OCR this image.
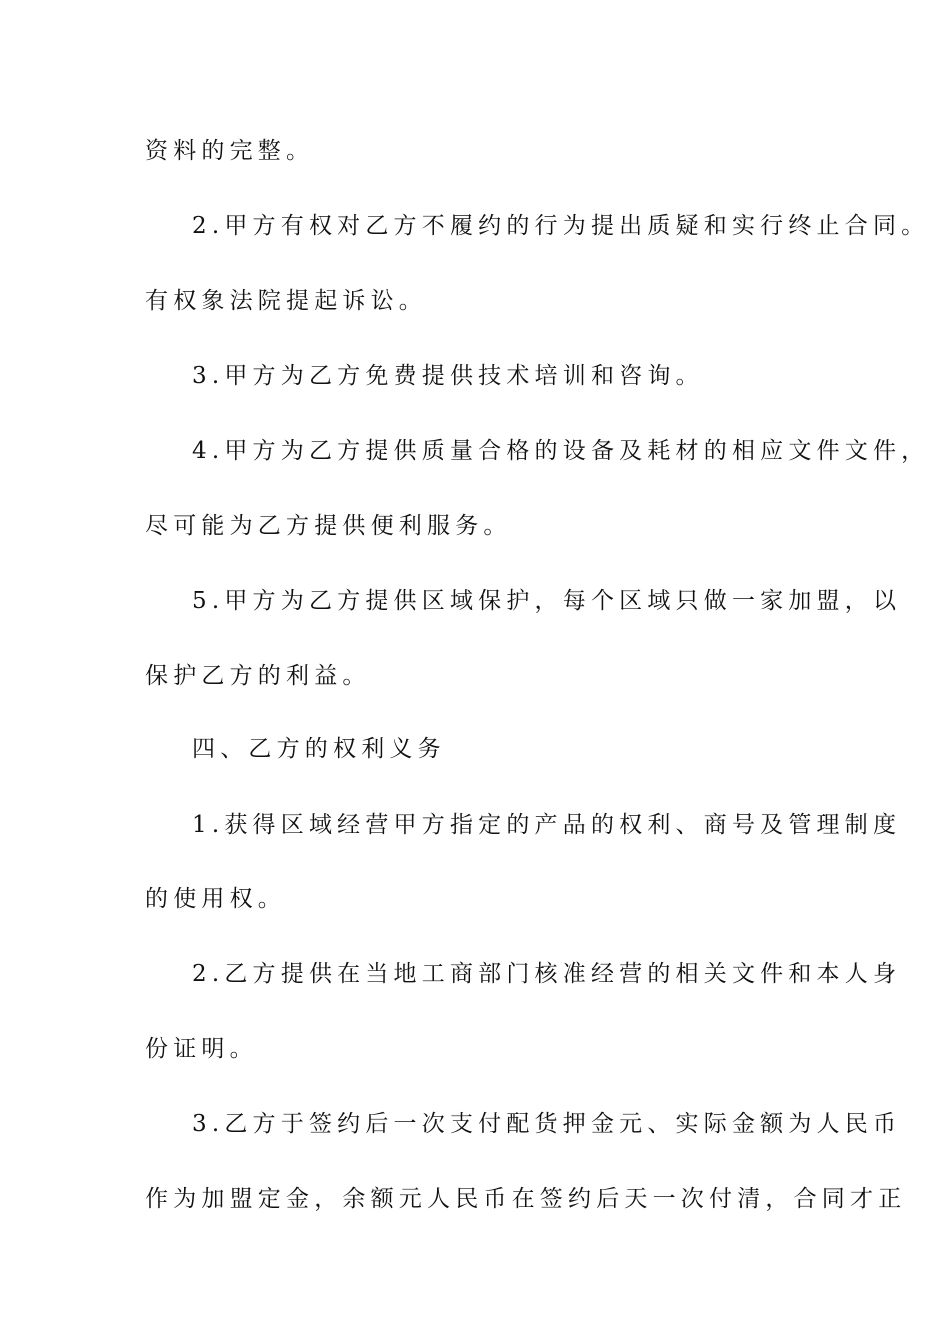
资料的完整。
2.甲方有权对乙方不履约的行为提出质疑和实行终止合同。
有权象法院提起诉讼。
3.甲方为乙方免费提供技术培训和咨询。
4.甲方为乙方提供质量合格的设备及耗材的相应文件文件，
尽可能为乙方提供便利服务。
5.甲方为乙方提供区域保护，每个区域只做一家加盟，以
保护乙方的利益。
四、乙方的权利义务
1.获得区域经营甲方指定的产品的权利、商号及管理制度
的使用权。
2.乙方提供在当地工商部门核准经营的相关文件和本人身
份证明。
3.乙方于签约后一次支付配货押金元、实际金额为人民币
作为加盟定金，余额元人民币在签约后天一次付清，合同才正
